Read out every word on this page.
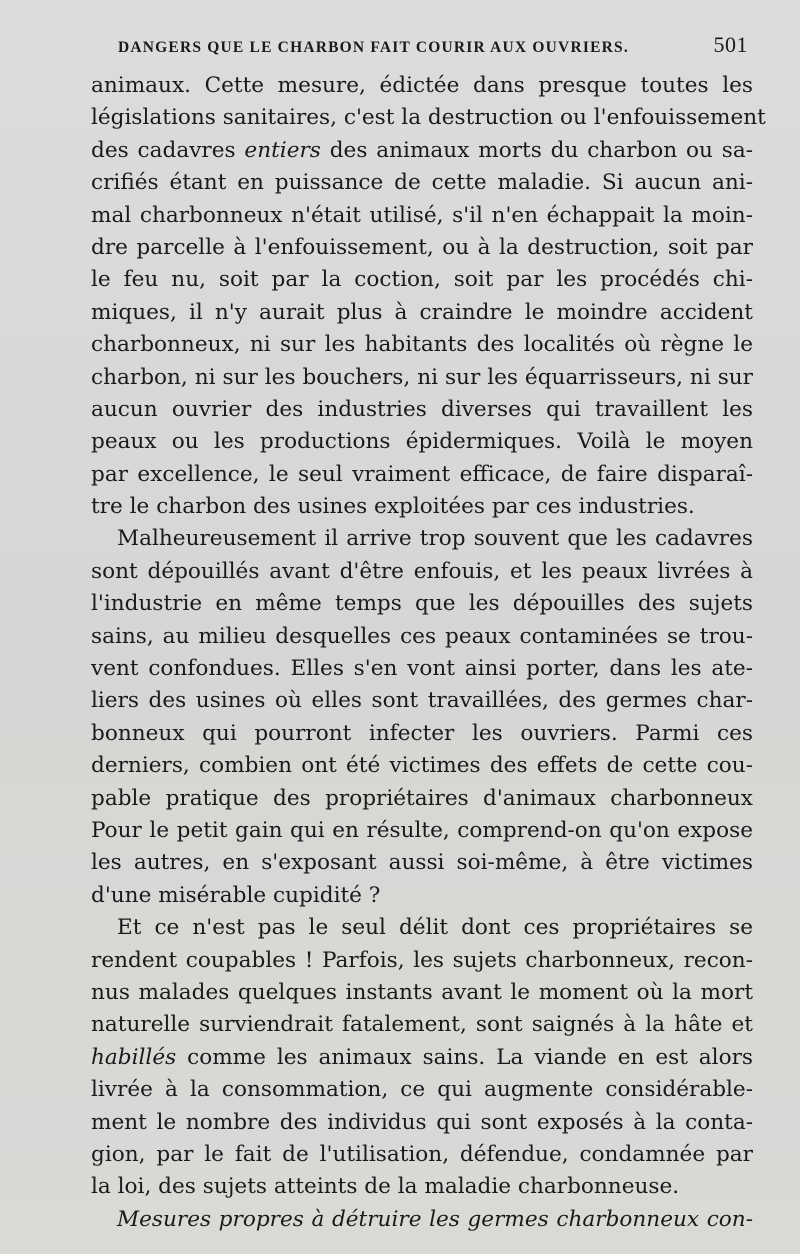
DANGERS QUE LE CHARBON FAIT COURIR AUX OUVRIERS.	501
animaux. Cette mesure, édictée dans presque toutes les
législations sanitaires, c'est la destruction ou l'enfouissement
des cadavres entiers des animaux morts du charbon ou sa-
crifiés étant en puissance de cette maladie. Si aucun ani-
mal charbonneux n'était utilisé, s'il n'en échappait la moin-
dre parcelle à l'enfouissement, ou à la destruction, soit par
le feu nu, soit par la coction, soit par les procédés chi-
miques, il n'y aurait plus à craindre le moindre accident
charbonneux, ni sur les habitants des localités où règne le
charbon, ni sur les bouchers, ni sur les équarrisseurs, ni sur
aucun ouvrier des industries diverses qui travaillent les
peaux ou les productions épidermiques. Voilà le moyen
par excellence, le seul vraiment efficace, de faire disparaî-
tre le charbon des usines exploitées par ces industries.
Malheureusement il arrive trop souvent que les cadavres
sont dépouillés avant d'être enfouis, et les peaux livrées à
l'industrie en même temps que les dépouilles des sujets
sains, au milieu desquelles ces peaux contaminées se trou-
vent confondues. Elles s'en vont ainsi porter, dans les ate-
liers des usines où elles sont travaillées, des germes char-
bonneux qui pourront infecter les ouvriers. Parmi ces
derniers, combien ont été victimes des effets de cette cou-
pable pratique des propriétaires d'animaux charbonneux
Pour le petit gain qui en résulte, comprend-on qu'on expose
les autres, en s'exposant aussi soi-même, à être victimes
d'une misérable cupidité ?
Et ce n'est pas le seul délit dont ces propriétaires se
rendent coupables ! Parfois, les sujets charbonneux, recon-
nus malades quelques instants avant le moment où la mort
naturelle surviendrait fatalement, sont saignés à la hâte et
habillés comme les animaux sains. La viande en est alors
livrée à la consommation, ce qui augmente considérable-
ment le nombre des individus qui sont exposés à la conta-
gion, par le fait de l'utilisation, défendue, condamnée par
la loi, des sujets atteints de la maladie charbonneuse.
Mesures propres à détruire les germes charbonneux con-
